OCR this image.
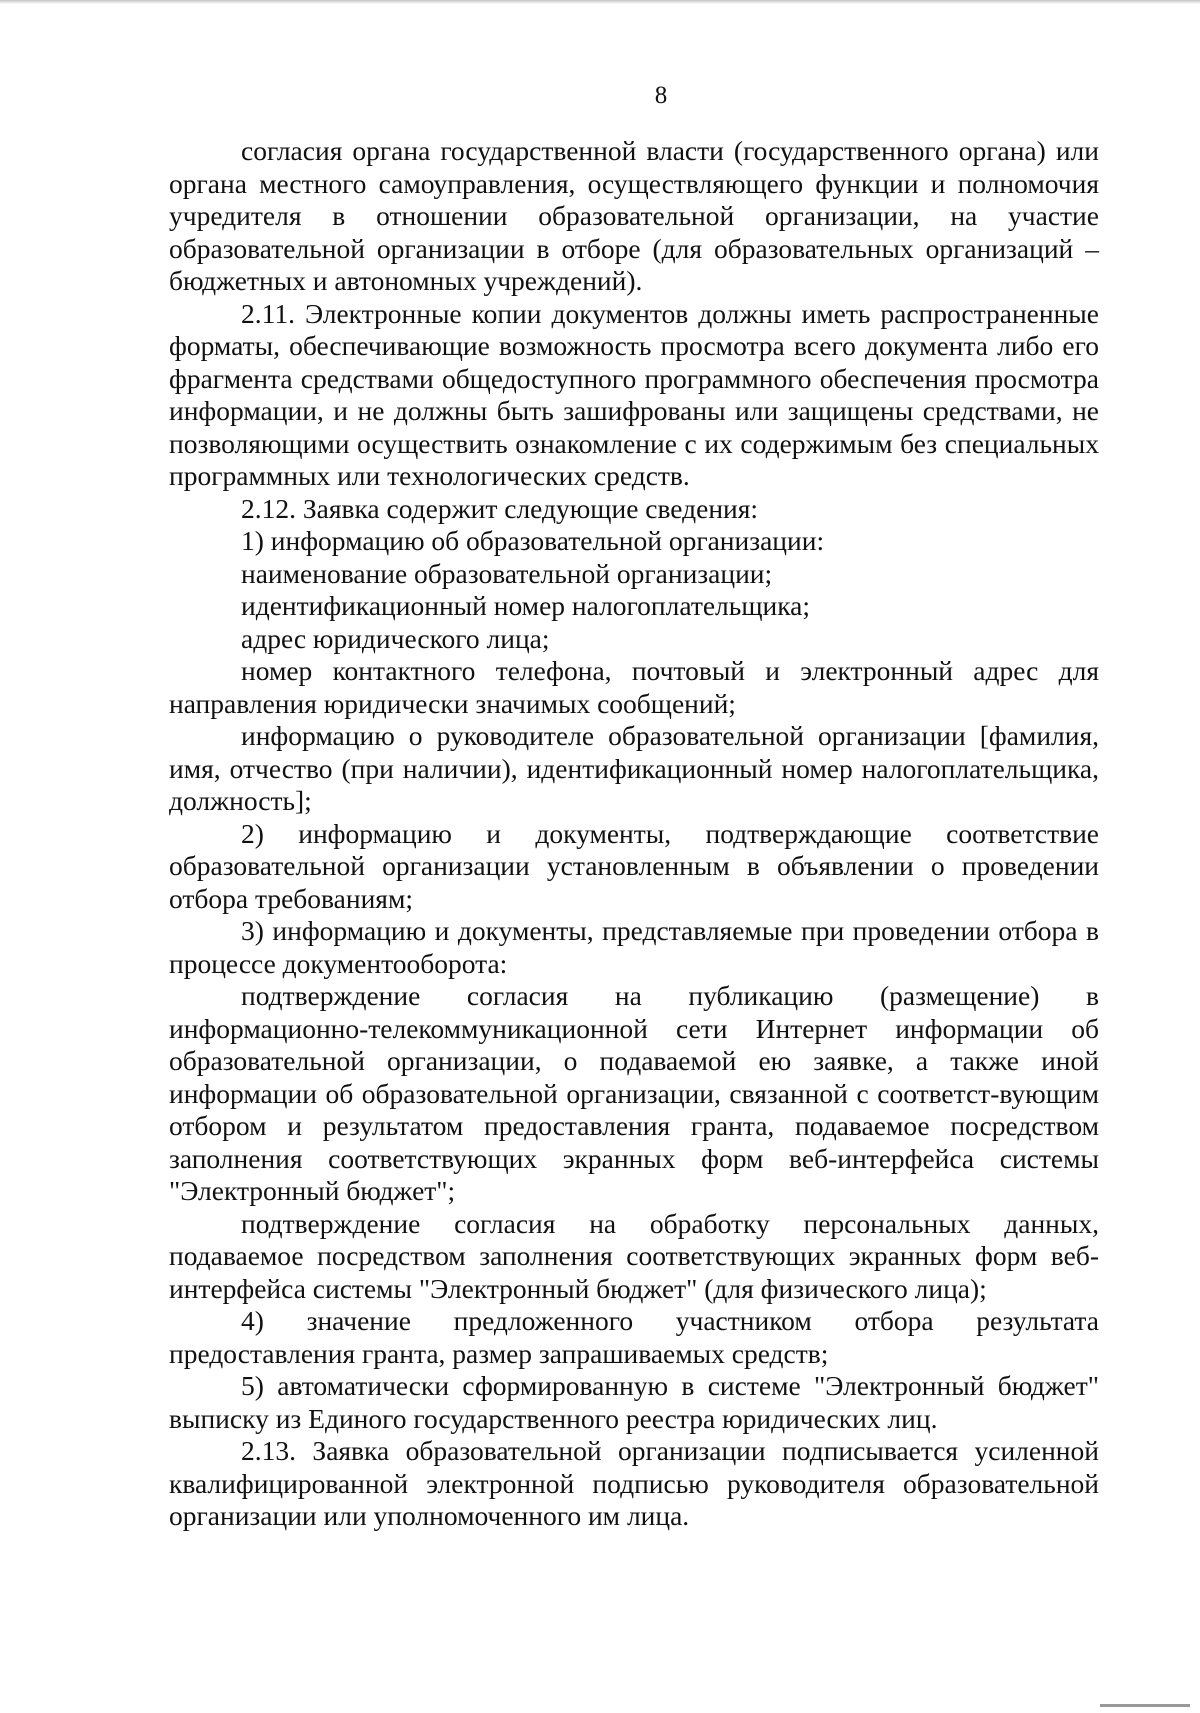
8

согласия органа государственной власти (государственного органа) или органа местного самоуправления, осуществляющего функции и полномочия учредителя в отношении образовательной организации, на участие образовательной организации в отборе (для образовательных организаций – бюджетных и автономных учреждений).

2.11. Электронные копии документов должны иметь распространенные форматы, обеспечивающие возможность просмотра всего документа либо его фрагмента средствами общедоступного программного обеспечения просмотра информации, и не должны быть зашифрованы или защищены средствами, не позволяющими осуществить ознакомление с их содержимым без специальных программных или технологических средств.

2.12. Заявка содержит следующие сведения:

1) информацию об образовательной организации:

наименование образовательной организации;

идентификационный номер налогоплательщика;

адрес юридического лица;

номер контактного телефона, почтовый и электронный адрес для направления юридически значимых сообщений;

информацию о руководителе образовательной организации [фамилия, имя, отчество (при наличии), идентификационный номер налогоплательщика, должность];

2) информацию и документы, подтверждающие соответствие образовательной организации установленным в объявлении о проведении отбора требованиям;

3) информацию и документы, представляемые при проведении отбора в процессе документооборота:

подтверждение согласия на публикацию (размещение) в информационно-телекоммуникационной сети Интернет информации об образовательной организации, о подаваемой ею заявке, а также иной информации об образовательной организации, связанной с соответст-вующим отбором и результатом предоставления гранта, подаваемое посредством заполнения соответствующих экранных форм веб-интерфейса системы "Электронный бюджет";

подтверждение согласия на обработку персональных данных, подаваемое посредством заполнения соответствующих экранных форм веб-интерфейса системы "Электронный бюджет" (для физического лица);

4) значение предложенного участником отбора результата предоставления гранта, размер запрашиваемых средств;

5) автоматически сформированную в системе "Электронный бюджет" выписку из Единого государственного реестра юридических лиц.

2.13. Заявка образовательной организации подписывается усиленной квалифицированной электронной подписью руководителя образовательной организации или уполномоченного им лица.
